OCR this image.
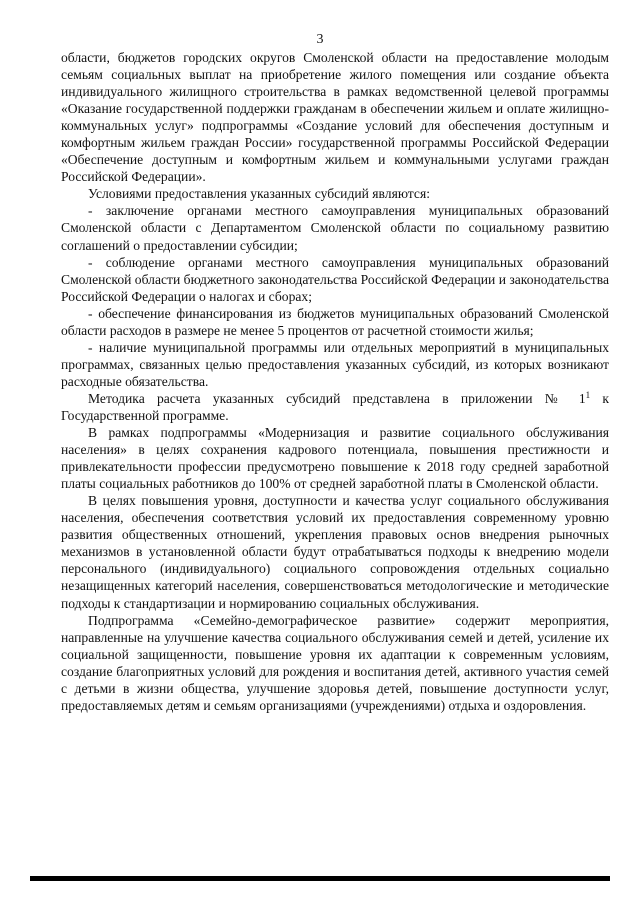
3

области, бюджетов городских округов Смоленской области на предоставление молодым семьям социальных выплат на приобретение жилого помещения или создание объекта индивидуального жилищного строительства в рамках ведомственной целевой программы «Оказание государственной поддержки гражданам в обеспечении жильем и оплате жилищно-коммунальных услуг» подпрограммы «Создание условий для обеспечения доступным и комфортным жильем граждан России» государственной программы Российской Федерации «Обеспечение доступным и комфортным жильем и коммунальными услугами граждан Российской Федерации».

Условиями предоставления указанных субсидий являются:

- заключение органами местного самоуправления муниципальных образований Смоленской области с Департаментом Смоленской области по социальному развитию соглашений о предоставлении субсидии;

- соблюдение органами местного самоуправления муниципальных образований Смоленской области бюджетного законодательства Российской Федерации и законодательства Российской Федерации о налогах и сборах;

- обеспечение финансирования из бюджетов муниципальных образований Смоленской области расходов в размере не менее 5 процентов от расчетной стоимости жилья;

- наличие муниципальной программы или отдельных мероприятий в муниципальных программах, связанных целью предоставления указанных субсидий, из которых возникают расходные обязательства.

Методика расчета указанных субсидий представлена в приложении № $1^1$ к Государственной программе.

В рамках подпрограммы «Модернизация и развитие социального обслуживания населения» в целях сохранения кадрового потенциала, повышения престижности и привлекательности профессии предусмотрено повышение к 2018 году средней заработной платы социальных работников до 100% от средней заработной платы в Смоленской области.

В целях повышения уровня, доступности и качества услуг социального обслуживания населения, обеспечения соответствия условий их предоставления современному уровню развития общественных отношений, укрепления правовых основ внедрения рыночных механизмов в установленной области будут отрабатываться подходы к внедрению модели персонального (индивидуального) социального сопровождения отдельных социально незащищенных категорий населения, совершенствоваться методологические и методические подходы к стандартизации и нормированию социальных обслуживания.

Подпрограмма «Семейно-демографическое развитие» содержит мероприятия, направленные на улучшение качества социального обслуживания семей и детей, усиление их социальной защищенности, повышение уровня их адаптации к современным условиям, создание благоприятных условий для рождения и воспитания детей, активного участия семей с детьми в жизни общества, улучшение здоровья детей, повышение доступности услуг, предоставляемых детям и семьям организациями (учреждениями) отдыха и оздоровления.
